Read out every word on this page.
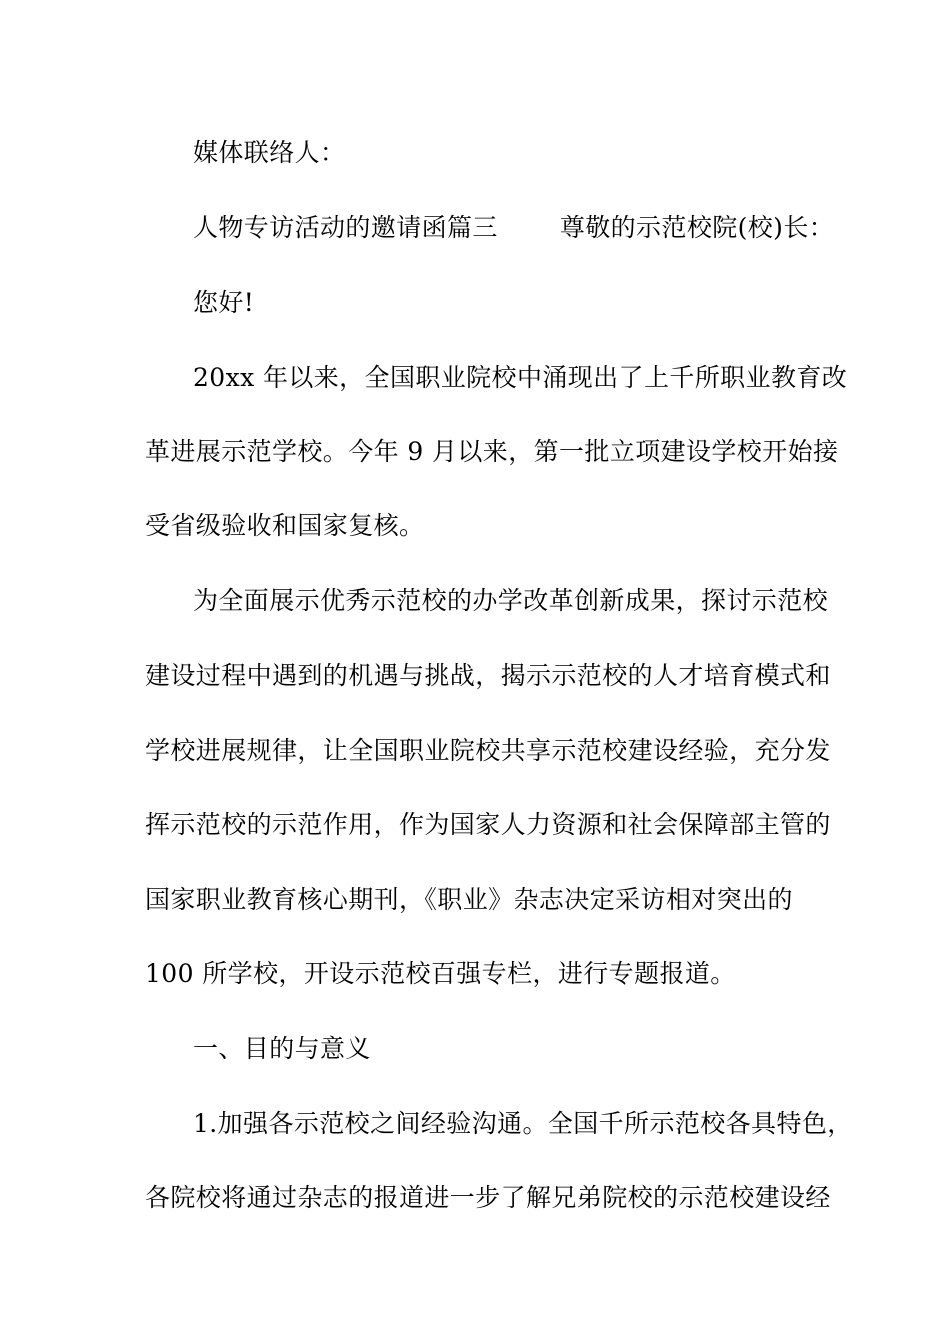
媒体联络人：
人物专访活动的邀请函篇三 尊敬的示范校院(校)长：
您好!
20xx 年以来，全国职业院校中涌现出了上千所职业教育改
革进展示范学校。今年 9 月以来，第一批立项建设学校开始接
受省级验收和国家复核。
为全面展示优秀示范校的办学改革创新成果，探讨示范校
建设过程中遇到的机遇与挑战，揭示示范校的人才培育模式和
学校进展规律，让全国职业院校共享示范校建设经验，充分发
挥示范校的示范作用，作为国家人力资源和社会保障部主管的
国家职业教育核心期刊，《职业》杂志决定采访相对突出的
100 所学校，开设示范校百强专栏，进行专题报道。
一、目的与意义
1.加强各示范校之间经验沟通。全国千所示范校各具特色，
各院校将通过杂志的报道进一步了解兄弟院校的示范校建设经
